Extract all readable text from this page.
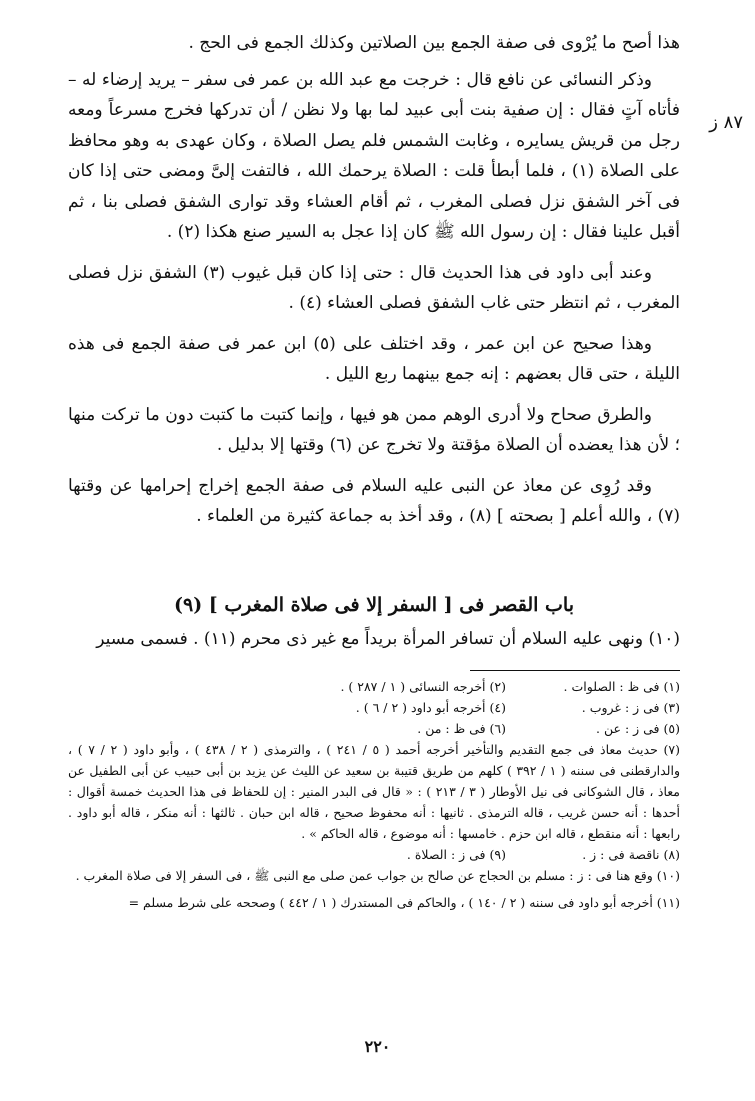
هذا أصح ما يُرْوى فى صفة الجمع بين الصلاتين وكذلك الجمع فى الحج .

وذكر النسائى عن نافع قال : خرجت مع عبد الله بن عمر فى سفر – يريد إرضاء له – فأتاه آتٍ فقال : إن صفية بنت أبى عبيد لما بها ولا نظن / أن تدركها فخرج مسرعاً ومعه رجل من قريش يسايره ، وغابت الشمس فلم يصل الصلاة ، وكان عهدى به وهو محافظ على الصلاة (١) ، فلما أبطأ قلت : الصلاة يرحمك الله ، فالتفت إلىَّ ومضى حتى إذا كان فى آخر الشفق نزل فصلى المغرب ، ثم أقام العشاء وقد توارى الشفق فصلى بنا ، ثم أقبل علينا فقال : إن رسول الله ﷺ كان إذا عجل به السير صنع هكذا (٢) .

وعند أبى داود فى هذا الحديث قال : حتى إذا كان قبل غيوب (٣) الشفق نزل فصلى المغرب ، ثم انتظر حتى غاب الشفق فصلى العشاء (٤) .

وهذا صحيح عن ابن عمر ، وقد اختلف على (٥) ابن عمر فى صفة الجمع فى هذه الليلة ، حتى قال بعضهم : إنه جمع بينهما ربع الليل .

والطرق صحاح ولا أدرى الوهم ممن هو فيها ، وإنما كتبت ما كتبت دون ما تركت منها ؛ لأن هذا يعضده أن الصلاة مؤقتة ولا تخرج عن (٦) وقتها إلا بدليل .

وقد رُوِى عن معاذ عن النبى عليه السلام فى صفة الجمع إخراج إحرامها عن وقتها (٧) ، والله أعلم [ بصحته ] (٨) ، وقد أخذ به جماعة كثيرة من العلماء .

٨٧ ز
باب القصر فى [ السفر إلا فى صلاة المغرب ] (٩)

(١٠) ونهى عليه السلام أن تسافر المرأة بريداً مع غير ذى محرم (١١) . فسمى مسير

(١) فى ظ : الصلوات .
(٢) أخرجه النسائى ( ١ / ٢٨٧ ) .
(٣) فى ز : غروب .
(٤) أخرجه أبو داود ( ٢ / ٦ ) .
(٥) فى ز : عن .
(٦) فى ظ : من .
(٧) حديث معاذ فى جمع التقديم والتأخير أخرجه أحمد ( ٥ / ٢٤١ ) ، والترمذى ( ٢ / ٤٣٨ ) ، وأبو داود ( ٢ / ٧ ) ، والدارقطنى فى سننه ( ١ / ٣٩٢ ) كلهم من طريق قتيبة بن سعيد عن الليث عن يزيد بن أبى حبيب عن أبى الطفيل عن معاذ ، قال الشوكانى فى نيل الأوطار ( ٣ / ٢١٣ ) : « قال فى البدر المنير : إن للحفاظ فى هذا الحديث خمسة أقوال : أحدها : أنه حسن غريب ، قاله الترمذى . ثانيها : أنه محفوظ صحيح ، قاله ابن حبان . ثالثها : أنه منكر ، قاله أبو داود . رابعها : أنه منقطع ، قاله ابن حزم . خامسها : أنه موضوع ، قاله الحاكم » .
(٨) ناقصة فى : ز .
(٩) فى ز : الصلاة .
(١٠) وقع هنا فى : ز : مسلم بن الحجاج عن صالح بن جواب عمن صلى مع النبى ﷺ ، فى السفر إلا فى صلاة المغرب .
(١١) أخرجه أبو داود فى سننه ( ٢ / ١٤٠ ) ، والحاكم فى المستدرك ( ١ / ٤٤٢ ) وصححه على شرط مسلم =
٢٢٠
